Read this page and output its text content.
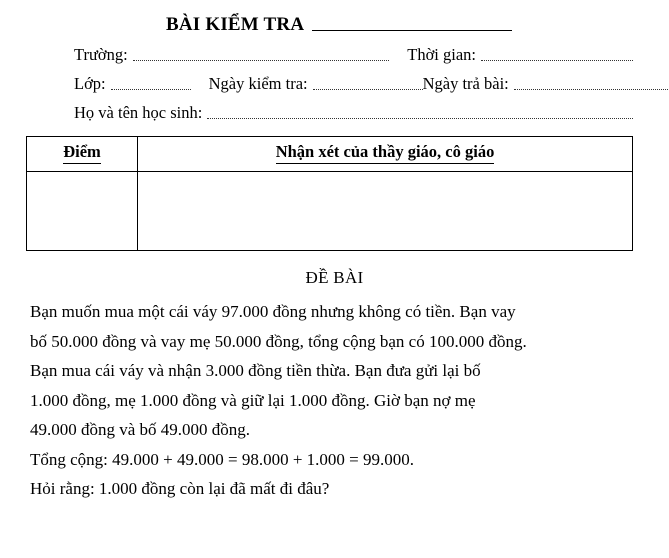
BÀI KIỂM TRA
Trường:	Thời gian:
Lớp:	Ngày kiểm tra:	Ngày trả bài:
Họ và tên học sinh:
Điểm	Nhận xét của thầy giáo, cô giáo

ĐỀ BÀI

Bạn muốn mua một cái váy 97.000 đồng nhưng không có tiền. Bạn vay

bố 50.000 đồng và vay mẹ 50.000 đồng, tổng cộng bạn có 100.000 đồng.

Bạn mua cái váy và nhận 3.000 đồng tiền thừa. Bạn đưa gửi lại bố

1.000 đồng, mẹ 1.000 đồng và giữ lại 1.000 đồng. Giờ bạn nợ mẹ

49.000 đồng và bố 49.000 đồng.

Tổng cộng: 49.000 + 49.000 = 98.000 + 1.000 = 99.000.

Hỏi rằng: 1.000 đồng còn lại đã mất đi đâu?
